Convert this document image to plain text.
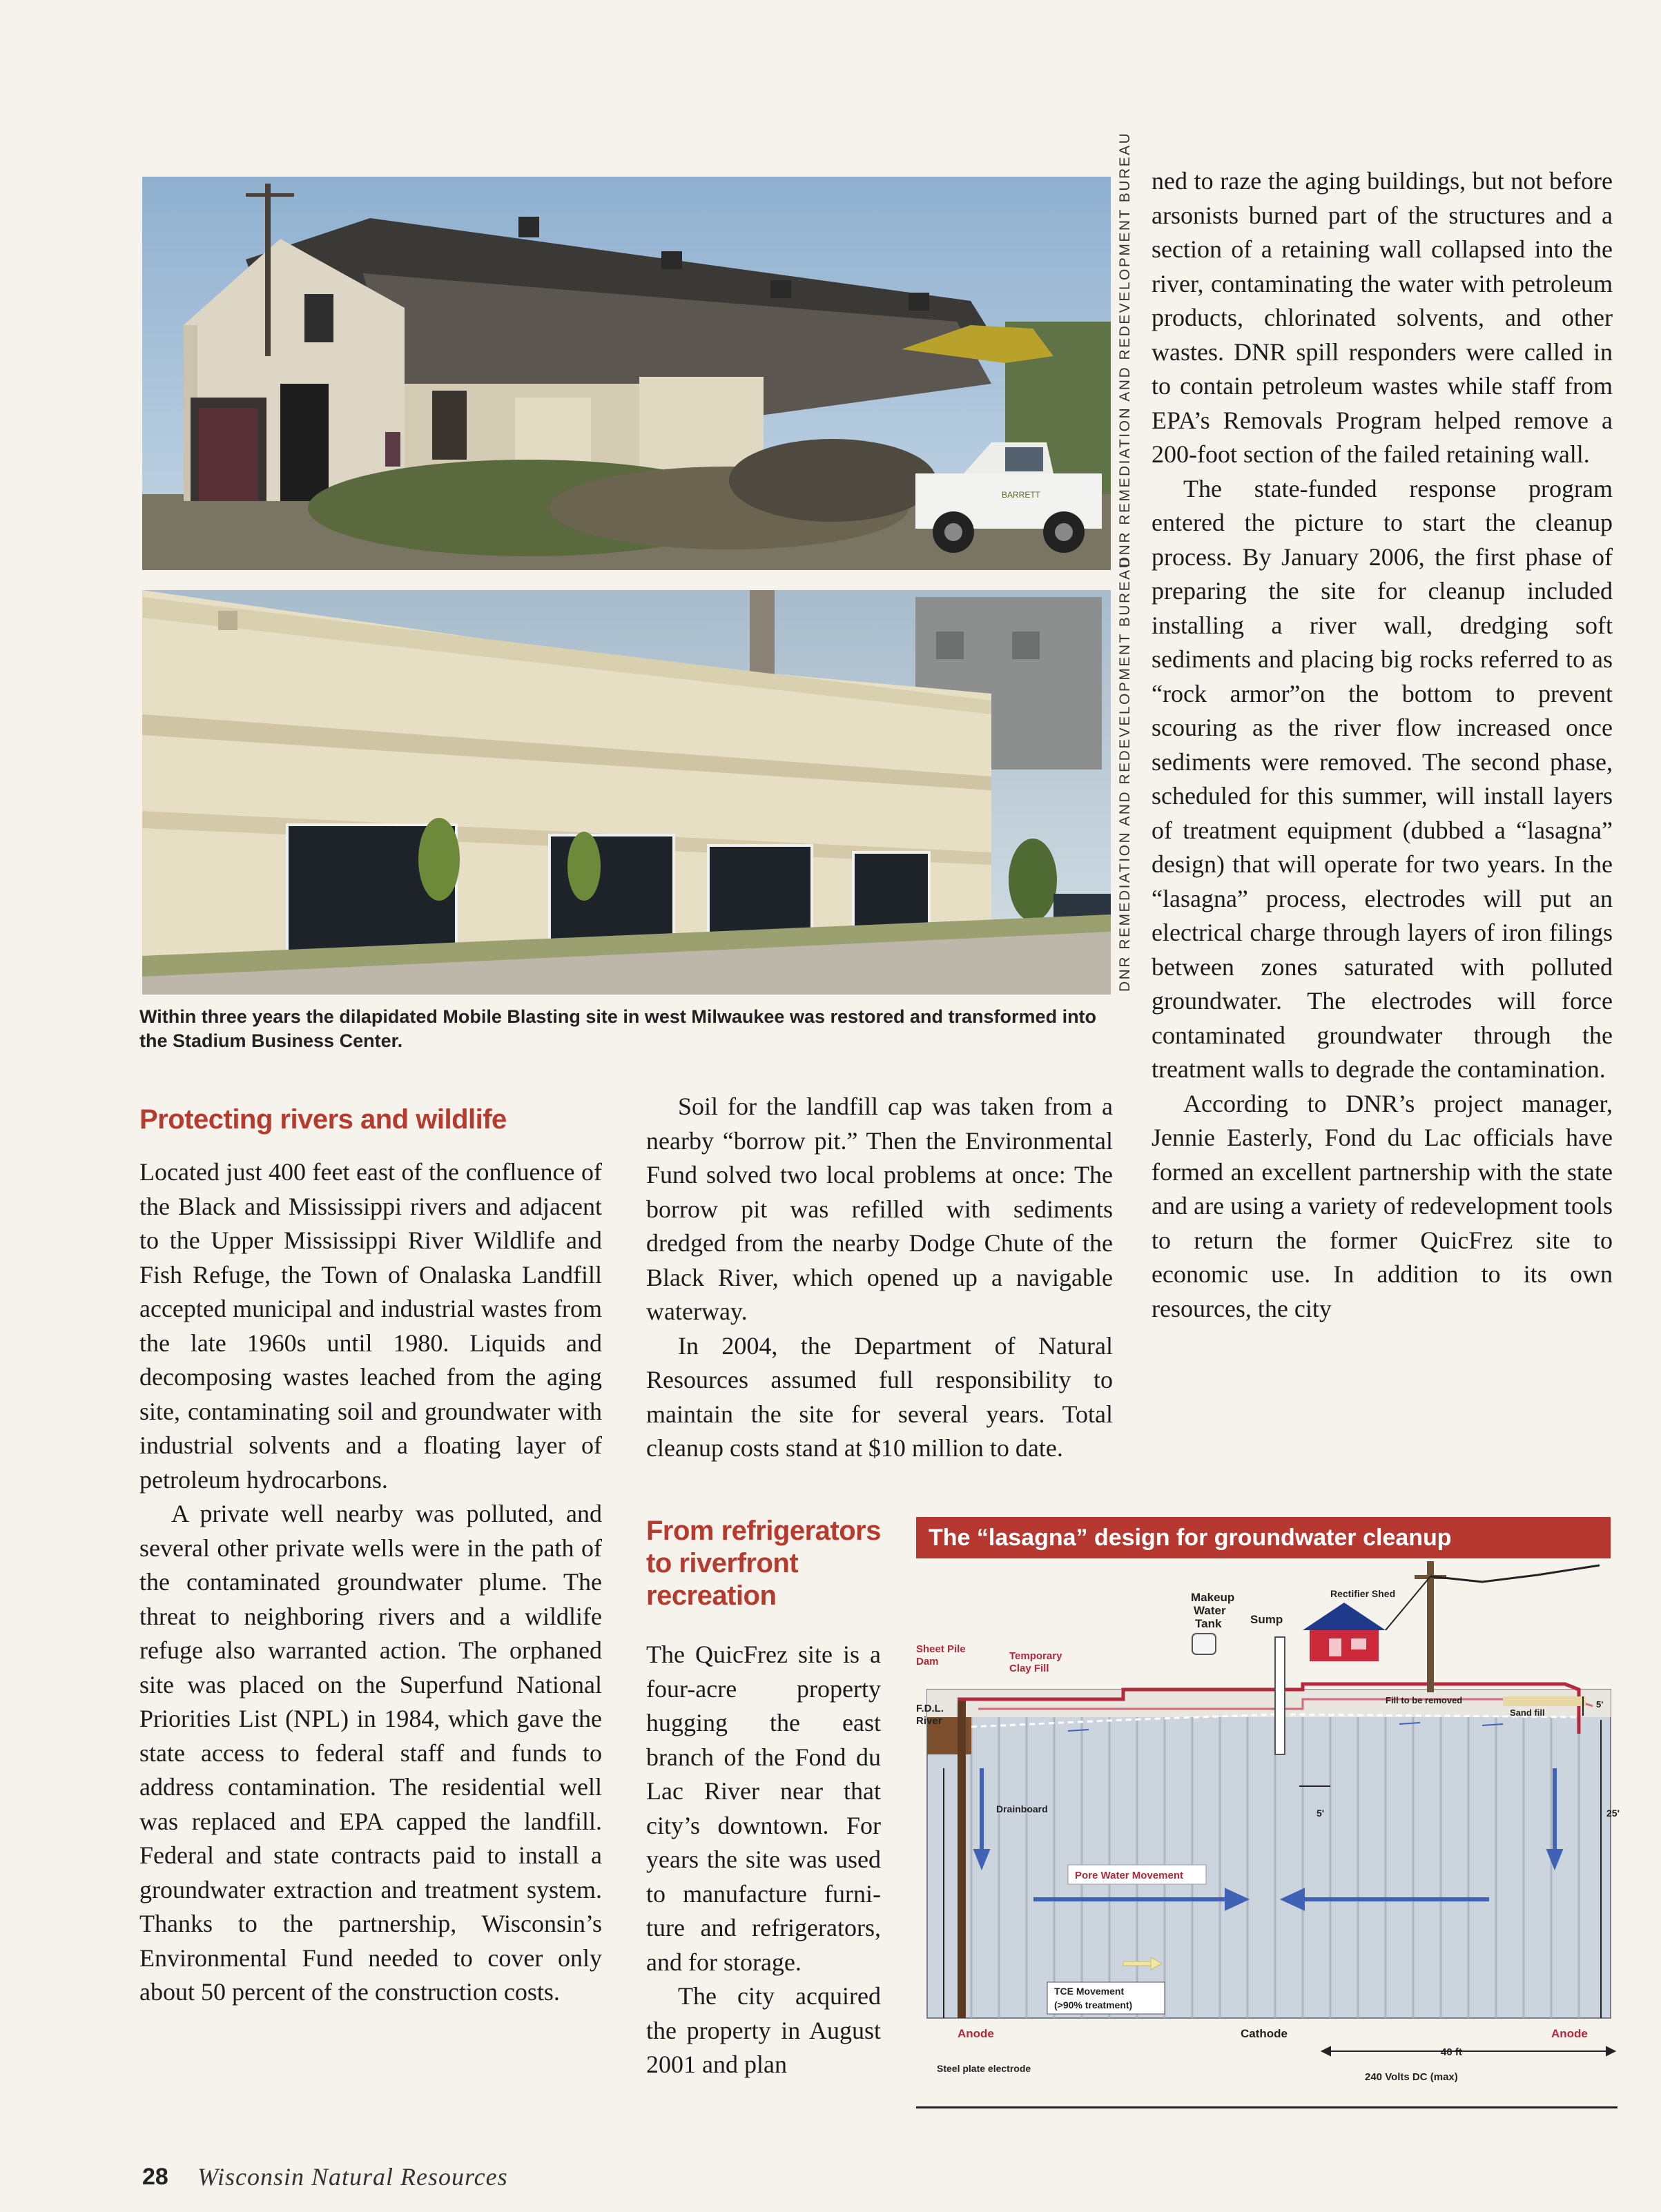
BARRETT	DNR REMEDIATION AND REDEVELOPMENT BUREAU
DNR REMEDIATION AND REDEVELOPMENT BUREAU
Within three years the dilapidated Mobile Blasting site in west Milwaukee was restored and transformed into the Stadium Business Center.
Protecting rivers and wildlife

Located just 400 feet east of the confluence of the Black and Mississippi rivers and adjacent to the Upper Mississippi River Wildlife and Fish Refuge, the Town of Onalaska Landfill accepted municipal and industrial wastes from the late 1960s until 1980. Liquids and decomposing wastes leached from the aging site, contaminating soil and groundwater with industrial solvents and a floating layer of petroleum hydrocarbons.

A private well nearby was polluted, and several other private wells were in the path of the contaminated groundwater plume. The threat to neighboring rivers and a wildlife refuge also warranted action. The orphaned site was placed on the Superfund National Priorities List (NPL) in 1984, which gave the state access to federal staff and funds to address contamination. The residential well was replaced and EPA capped the landfill. Federal and state contracts paid to install a groundwater extraction and treatment system. Thanks to the partnership, Wisconsin’s Environmental Fund needed to cover only about 50 percent of the construction costs.

Soil for the landfill cap was taken from a nearby “borrow pit.” Then the Environmental Fund solved two local problems at once: The borrow pit was refilled with sediments dredged from the nearby Dodge Chute of the Black River, which opened up a navigable waterway.

In 2004, the Department of Natural Resources assumed full responsibility to maintain the site for several years. Total cleanup costs stand at $10 million to date.

From refrigerators to riverfront recreation

The QuicFrez site is a four-acre property hugging the east branch of the Fond du Lac River near that city’s downtown. For years the site was used to manufacture furniture and refrigerators, and for storage.

The city acquired the property in August 2001 and plan

ned to raze the aging buildings, but not before arsonists burned part of the structures and a section of a retaining wall collapsed into the river, contaminating the water with petroleum products, chlorinated solvents, and other wastes. DNR spill responders were called in to contain petroleum wastes while staff from EPA’s Removals Program helped remove a 200-foot section of the failed retaining wall.

The state-funded response program entered the picture to start the cleanup process. By January 2006, the first phase of preparing the site for cleanup included installing a river wall, dredging soft sediments and placing big rocks referred to as “rock armor”on the bottom to prevent scouring as the river flow increased once sediments were removed. The second phase, scheduled for this summer, will install layers of treatment equipment (dubbed a “lasagna” design) that will operate for two years. In the “lasagna” process, electrodes will put an electrical charge through layers of iron filings between zones saturated with polluted groundwater. The electrodes will force contaminated groundwater through the treatment walls to degrade the contamination.

According to DNR’s project manager, Jennie Easterly, Fond du Lac officials have formed an excellent partnership with the state and are using a variety of redevelopment tools to return the former QuicFrez site to economic use. In addition to its own resources, the city

The “lasagna” design for groundwater cleanup
Sheet Pile
Dam	Temporary
Clay Fill
F.D.L.
River
Makeup
Water
Tank Sump
Rectifier Shed
Drainboard	5'	25'
Fill to be removed
Sand fill
5'
Pore Water Movement
TCE Movement
(>90% treatment)
Anode	Cathode	Anode
40 ft
Steel plate electrode
240 Volts DC (max)
28 Wisconsin Natural Resources
